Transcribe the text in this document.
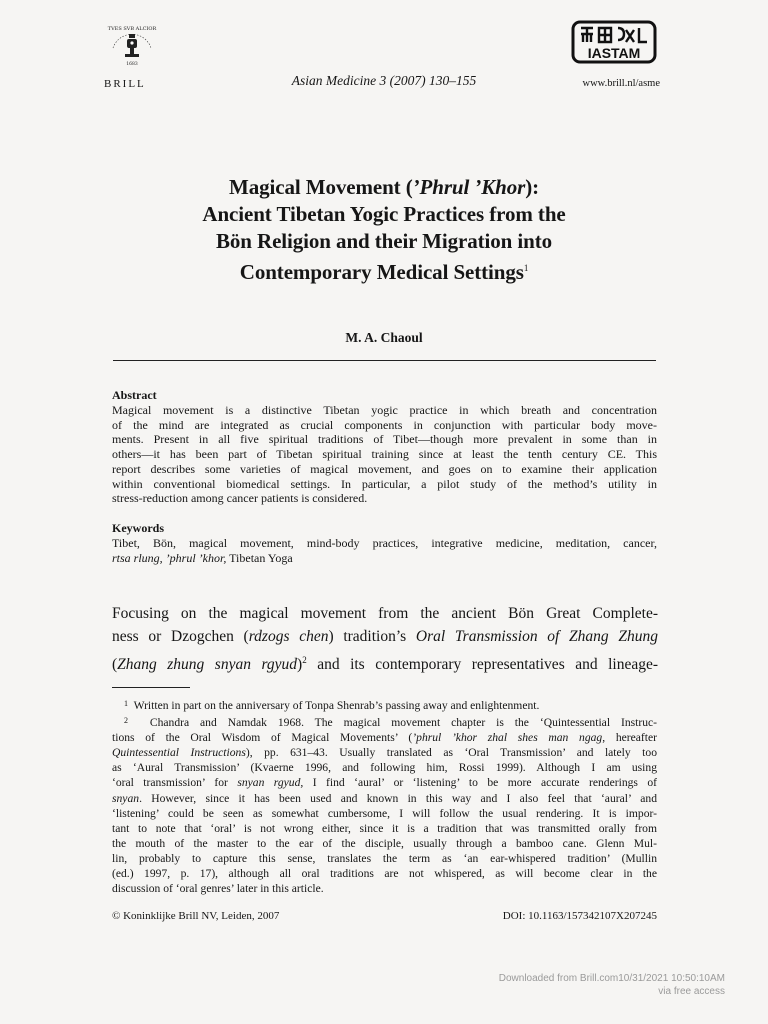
TVES SVB ALCIOR
1683
BRILL	Asian Medicine 3 (2007) 130–155
IASTAM
www.brill.nl/asme
Magical Movement (’Phrul ’Khor):
Ancient Tibetan Yogic Practices from the
Bön Religion and their Migration into
Contemporary Medical Settings$^1$
M. A. Chaoul
Abstract
Magical movement is a distinctive Tibetan yogic practice in which breath and concentration
of the mind are integrated as crucial components in conjunction with particular body move-
ments. Present in all five spiritual traditions of Tibet—though more prevalent in some than in
others—it has been part of Tibetan spiritual training since at least the tenth century CE. This
report describes some varieties of magical movement, and goes on to examine their application
within conventional biomedical settings. In particular, a pilot study of the method’s utility in
stress-reduction among cancer patients is considered.
Keywords
Tibet, Bön, magical movement, mind-body practices, integrative medicine, meditation, cancer,
rtsa rlung, ’phrul ’khor, Tibetan Yoga
Focusing on the magical movement from the ancient Bön Great Complete-
ness or Dzogchen (rdzogs chen) tradition’s Oral Transmission of Zhang Zhung
(Zhang zhung snyan rgyud)$^2$ and its contemporary representatives and lineage-
$^1$ Written in part on the anniversary of Tonpa Shenrab’s passing away and enlightenment.
$^2$ Chandra and Namdak 1968. The magical movement chapter is the ‘Quintessential Instruc-
tions of the Oral Wisdom of Magical Movements’ (’phrul ’khor zhal shes man ngag, hereafter
Quintessential Instructions), pp. 631–43. Usually translated as ‘Oral Transmission’ and lately too
as ‘Aural Transmission’ (Kvaerne 1996, and following him, Rossi 1999). Although I am using
‘oral transmission’ for snyan rgyud, I find ‘aural’ or ‘listening’ to be more accurate renderings of
snyan. However, since it has been used and known in this way and I also feel that ‘aural’ and
‘listening’ could be seen as somewhat cumbersome, I will follow the usual rendering. It is impor-
tant to note that ‘oral’ is not wrong either, since it is a tradition that was transmitted orally from
the mouth of the master to the ear of the disciple, usually through a bamboo cane. Glenn Mul-
lin, probably to capture this sense, translates the term as ‘an ear-whispered tradition’ (Mullin
(ed.) 1997, p. 17), although all oral traditions are not whispered, as will become clear in the
discussion of ‘oral genres’ later in this article.
© Koninklijke Brill NV, Leiden, 2007	DOI: 10.1163/157342107X207245
Downloaded from Brill.com10/31/2021 10:50:10AM
via free access
